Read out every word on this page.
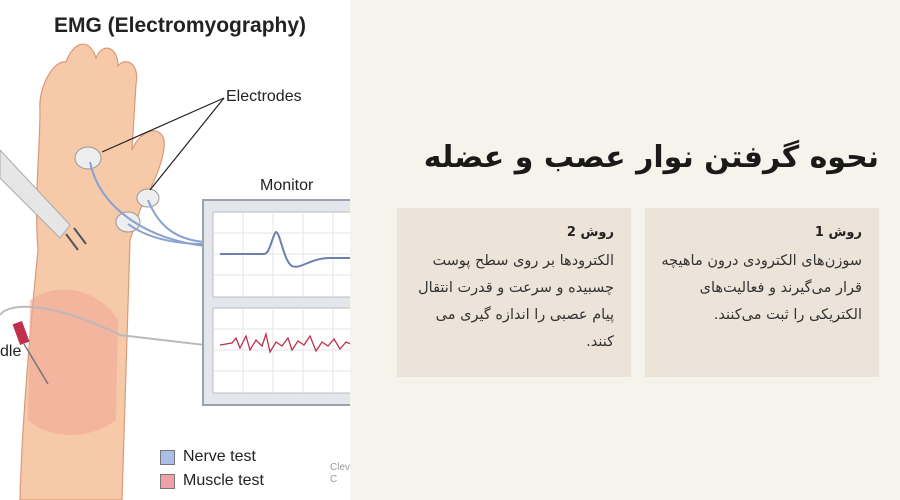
EMG (Electromyography)
Electrodes
Monitor
dle
Nerve test
Muscle test
Clev
C
نحوه گرفتن نوار عصب و عضله
روش 1
سوزن‌های الکترودی درون ماهیچه قرار می‌گیرند و فعالیت‌های الکتریکی را ثبت می‌کنند.
روش 2
الکترودها بر روی سطح پوست چسبیده و سرعت و قدرت انتقال پیام عصبی را اندازه گیری می کنند.
